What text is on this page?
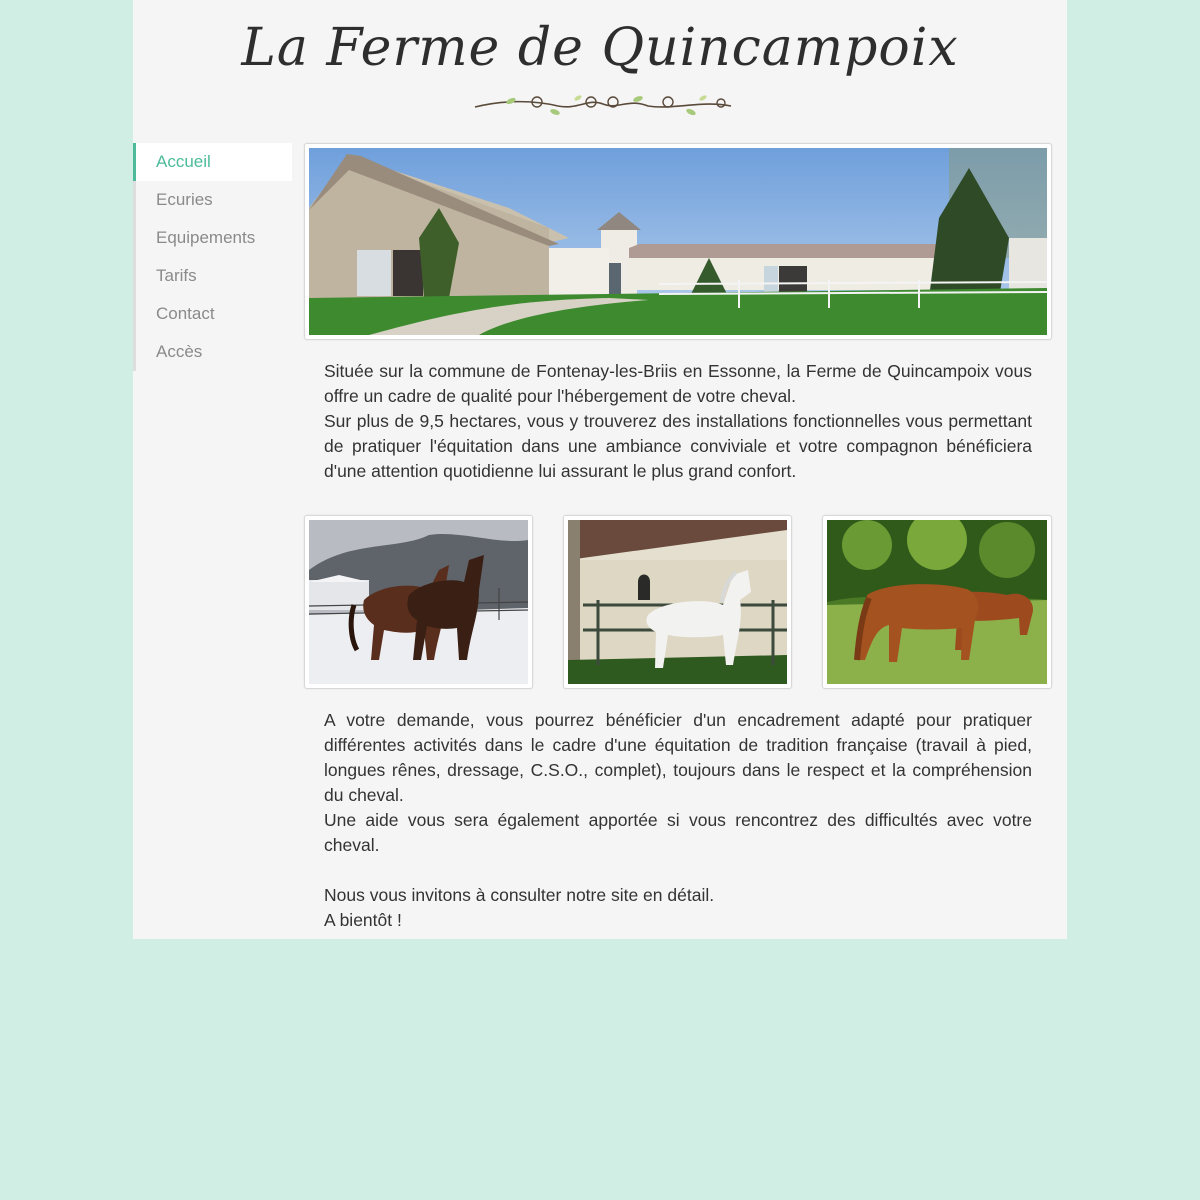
La Ferme de Quincampoix
Accueil
Ecuries
Equipements
Tarifs
Contact
Accès

Située sur la commune de Fontenay-les-Briis en Essonne, la Ferme de Quincampoix vous offre un cadre de qualité pour l'hébergement de votre cheval.

Sur plus de 9,5 hectares, vous y trouverez des installations fonctionnelles vous permettant de pratiquer l'équitation dans une ambiance conviviale et votre compagnon bénéficiera d'une attention quotidienne lui assurant le plus grand confort.

A votre demande, vous pourrez bénéficier d'un encadrement adapté pour pratiquer différentes activités dans le cadre d'une équitation de tradition française (travail à pied, longues rênes, dressage, C.S.O., complet), toujours dans le respect et la compréhension du cheval.

Une aide vous sera également apportée si vous rencontrez des difficultés avec votre cheval.

Nous vous invitons à consulter notre site en détail.

A bientôt !
